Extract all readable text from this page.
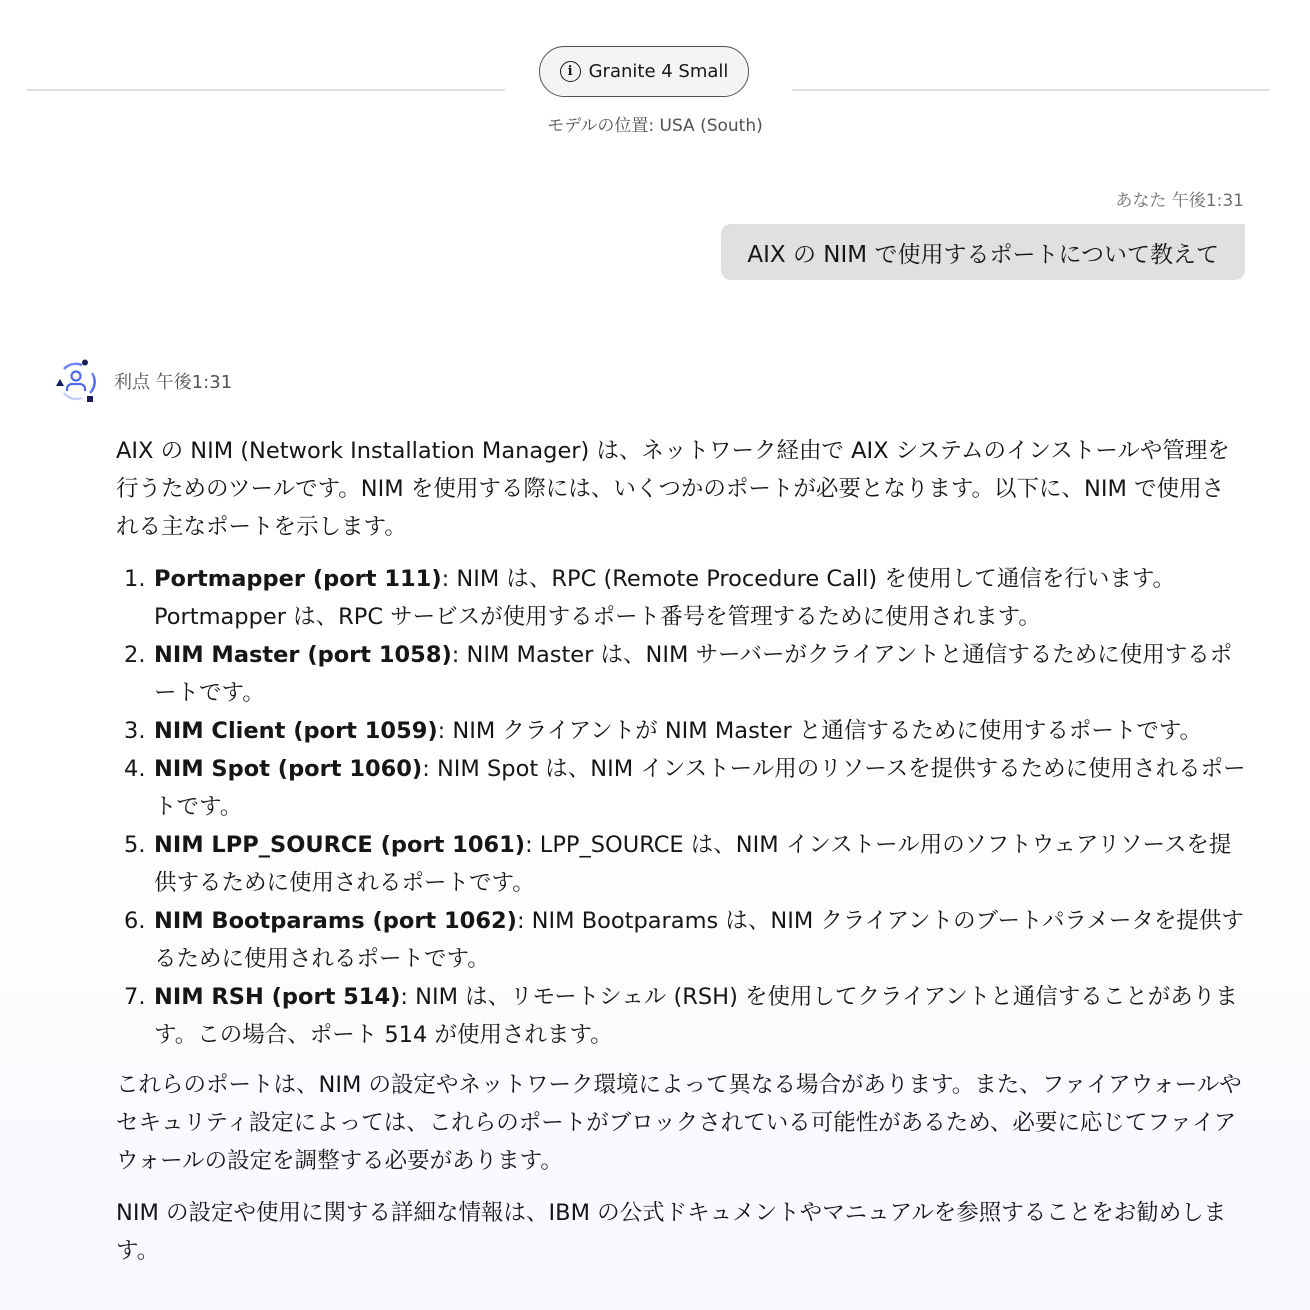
i Granite 4 Small
モデルの位置: USA (South)
あなた 午後1:31
AIX の NIM で使用するポートについて教えて
利点 午後1:31

AIX の NIM (Network Installation Manager) は、ネットワーク経由で AIX システムのインストールや管理を行うためのツールです。NIM を使用する際には、いくつかのポートが必要となります。以下に、NIM で使用される主なポートを示します。

1. Portmapper (port 111): NIM は、RPC (Remote Procedure Call) を使用して通信を行います。Portmapper は、RPC サービスが使用するポート番号を管理するために使用されます。
2. NIM Master (port 1058): NIM Master は、NIM サーバーがクライアントと通信するために使用するポートです。
3. NIM Client (port 1059): NIM クライアントが NIM Master と通信するために使用するポートです。
4. NIM Spot (port 1060): NIM Spot は、NIM インストール用のリソースを提供するために使用されるポートです。
5. NIM LPP_SOURCE (port 1061): LPP_SOURCE は、NIM インストール用のソフトウェアリソースを提供するために使用されるポートです。
6. NIM Bootparams (port 1062): NIM Bootparams は、NIM クライアントのブートパラメータを提供するために使用されるポートです。
7. NIM RSH (port 514): NIM は、リモートシェル (RSH) を使用してクライアントと通信することがあります。この場合、ポート 514 が使用されます。

これらのポートは、NIM の設定やネットワーク環境によって異なる場合があります。また、ファイアウォールやセキュリティ設定によっては、これらのポートがブロックされている可能性があるため、必要に応じてファイアウォールの設定を調整する必要があります。

NIM の設定や使用に関する詳細な情報は、IBM の公式ドキュメントやマニュアルを参照することをお勧めします。
